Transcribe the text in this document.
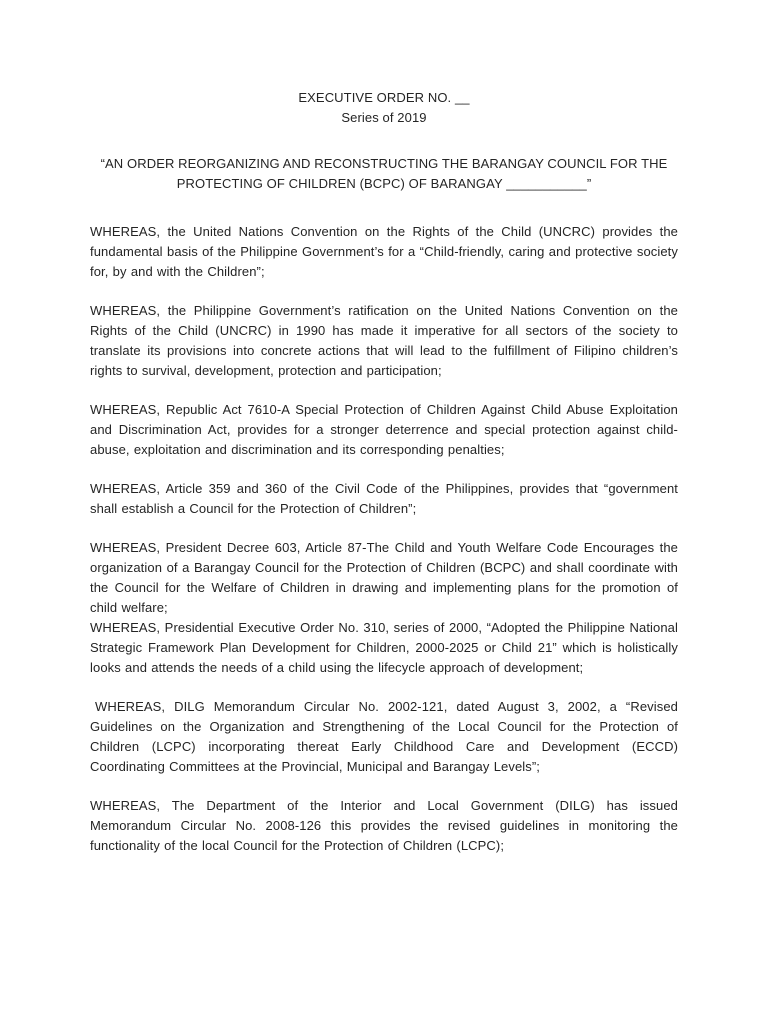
EXECUTIVE ORDER NO. __

Series of 2019

“AN ORDER REORGANIZING AND RECONSTRUCTING THE BARANGAY COUNCIL FOR THE PROTECTING OF CHILDREN (BCPC) OF BARANGAY ___________”

WHEREAS, the United Nations Convention on the Rights of the Child (UNCRC) provides the fundamental basis of the Philippine Government’s for a “Child-friendly, caring and protective society for, by and with the Children”;

WHEREAS, the Philippine Government’s ratification on the United Nations Convention on the Rights of the Child (UNCRC) in 1990 has made it imperative for all sectors of the society to translate its provisions into concrete actions that will lead to the fulfillment of Filipino children’s rights to survival, development, protection and participation;

WHEREAS, Republic Act 7610-A Special Protection of Children Against Child Abuse Exploitation and Discrimination Act, provides for a stronger deterrence and special protection against child-abuse, exploitation and discrimination and its corresponding penalties;

WHEREAS, Article 359 and 360 of the Civil Code of the Philippines, provides that “government shall establish a Council for the Protection of Children”;

WHEREAS, President Decree 603, Article 87-The Child and Youth Welfare Code Encourages the organization of a Barangay Council for the Protection of Children (BCPC) and shall coordinate with the Council for the Welfare of Children in drawing and implementing plans for the promotion of child welfare;

WHEREAS, Presidential Executive Order No. 310, series of 2000, “Adopted the Philippine National Strategic Framework Plan Development for Children, 2000-2025 or Child 21” which is holistically looks and attends the needs of a child using the lifecycle approach of development;

WHEREAS, DILG Memorandum Circular No. 2002-121, dated August 3, 2002, a “Revised Guidelines on the Organization and Strengthening of the Local Council for the Protection of Children (LCPC) incorporating thereat Early Childhood Care and Development (ECCD) Coordinating Committees at the Provincial, Municipal and Barangay Levels”;

WHEREAS, The Department of the Interior and Local Government (DILG) has issued Memorandum Circular No. 2008-126 this provides the revised guidelines in monitoring the functionality of the local Council for the Protection of Children (LCPC);
